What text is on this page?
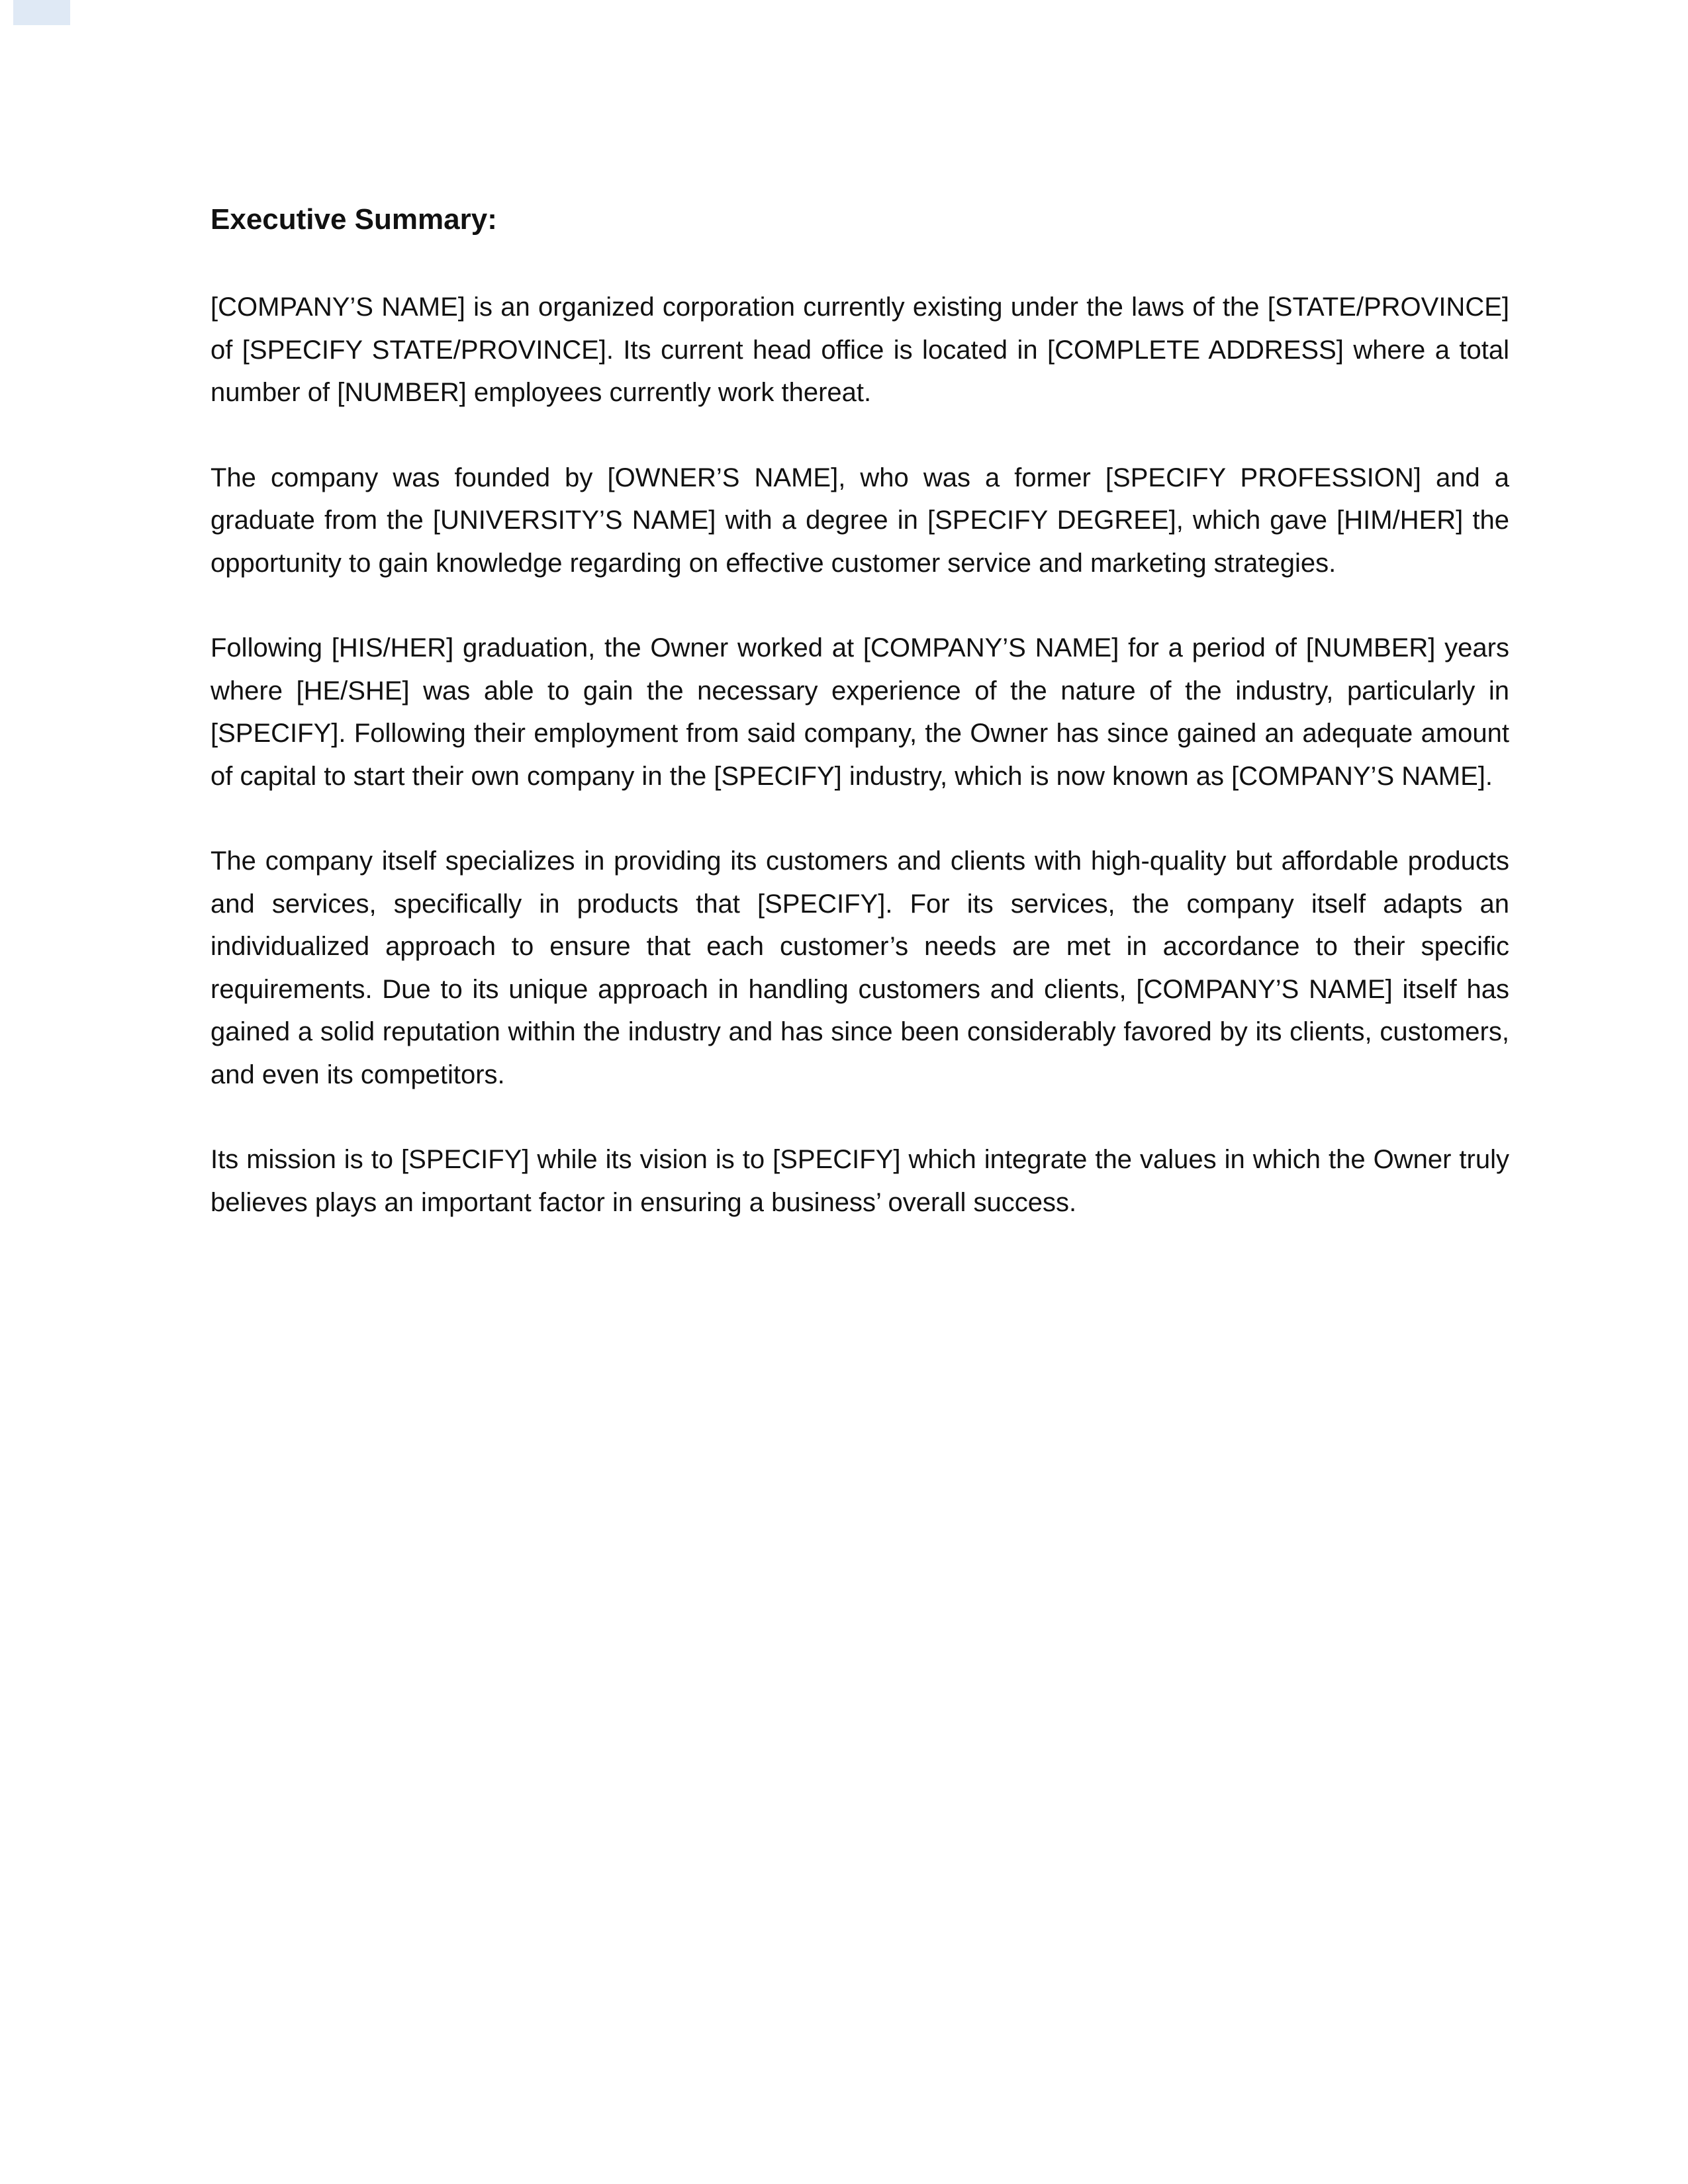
Executive Summary:

[COMPANY’S NAME] is an organized corporation currently existing under the laws of the [STATE/PROVINCE] of [SPECIFY STATE/PROVINCE]. Its current head office is located in [COMPLETE ADDRESS] where a total number of [NUMBER] employees currently work thereat.

The company was founded by [OWNER’S NAME], who was a former [SPECIFY PROFESSION] and a graduate from the [UNIVERSITY’S NAME] with a degree in [SPECIFY DEGREE], which gave [HIM/HER] the opportunity to gain knowledge regarding on effective customer service and marketing strategies.

Following [HIS/HER] graduation, the Owner worked at [COMPANY’S NAME] for a period of [NUMBER] years where [HE/SHE] was able to gain the necessary experience of the nature of the industry, particularly in [SPECIFY]. Following their employment from said company, the Owner has since gained an adequate amount of capital to start their own company in the [SPECIFY] industry, which is now known as [COMPANY’S NAME].

The company itself specializes in providing its customers and clients with high-quality but affordable products and services, specifically in products that [SPECIFY]. For its services, the company itself adapts an individualized approach to ensure that each customer’s needs are met in accordance to their specific requirements. Due to its unique approach in handling customers and clients, [COMPANY’S NAME] itself has gained a solid reputation within the industry and has since been considerably favored by its clients, customers, and even its competitors.

Its mission is to [SPECIFY] while its vision is to [SPECIFY] which integrate the values in which the Owner truly believes plays an important factor in ensuring a business’ overall success.
